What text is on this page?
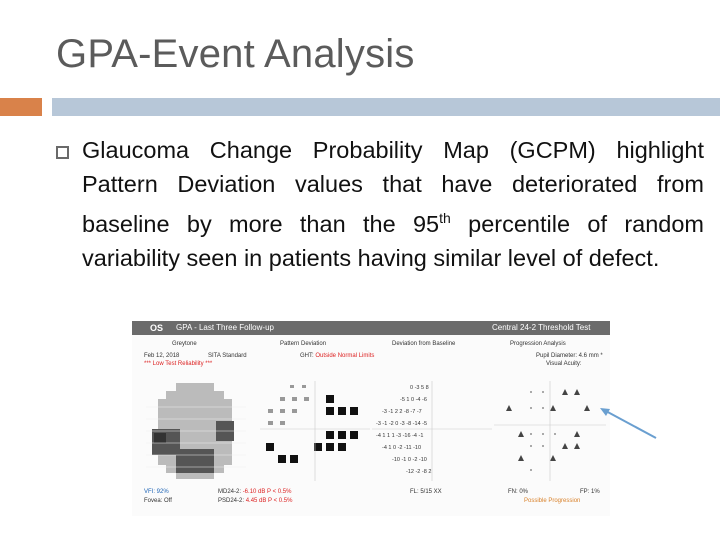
GPA-Event Analysis
Glaucoma Change Probability Map (GCPM) highlight Pattern Deviation values that have deteriorated from baseline by more than the 95th percentile of random variability seen in patients having similar level of defect.
OS GPA - Last Three Follow-up	Central 24-2 Threshold Test
Greytone	Pattern Deviation	Deviation from Baseline	Progression Analysis
Feb 12, 2018	SITA Standard
*** Low Test Reliability ***
GHT: Outside Normal Limits	Pupil Diameter: 4.6 mm *
Visual Acuity:
0 -3 5 8
-5 1 0 -4 -6
-3 -1 2 2 -8 -7 -7
-3 -1 -2 0 -3 -8 -14 -5
-4 1 1 1 -3 -16 -4 -1
-4 1 0 -2 -11 -10
-10 -1 0 -2 -10
-12 -2 -8 2
VFI: 92%
Fovea: Off
MD24-2: -6.10 dB P < 0.5%
PSD24-2: 4.45 dB P < 0.5%
FL: 5/15 XX	FN: 0%	FP: 1%
Possible Progression
